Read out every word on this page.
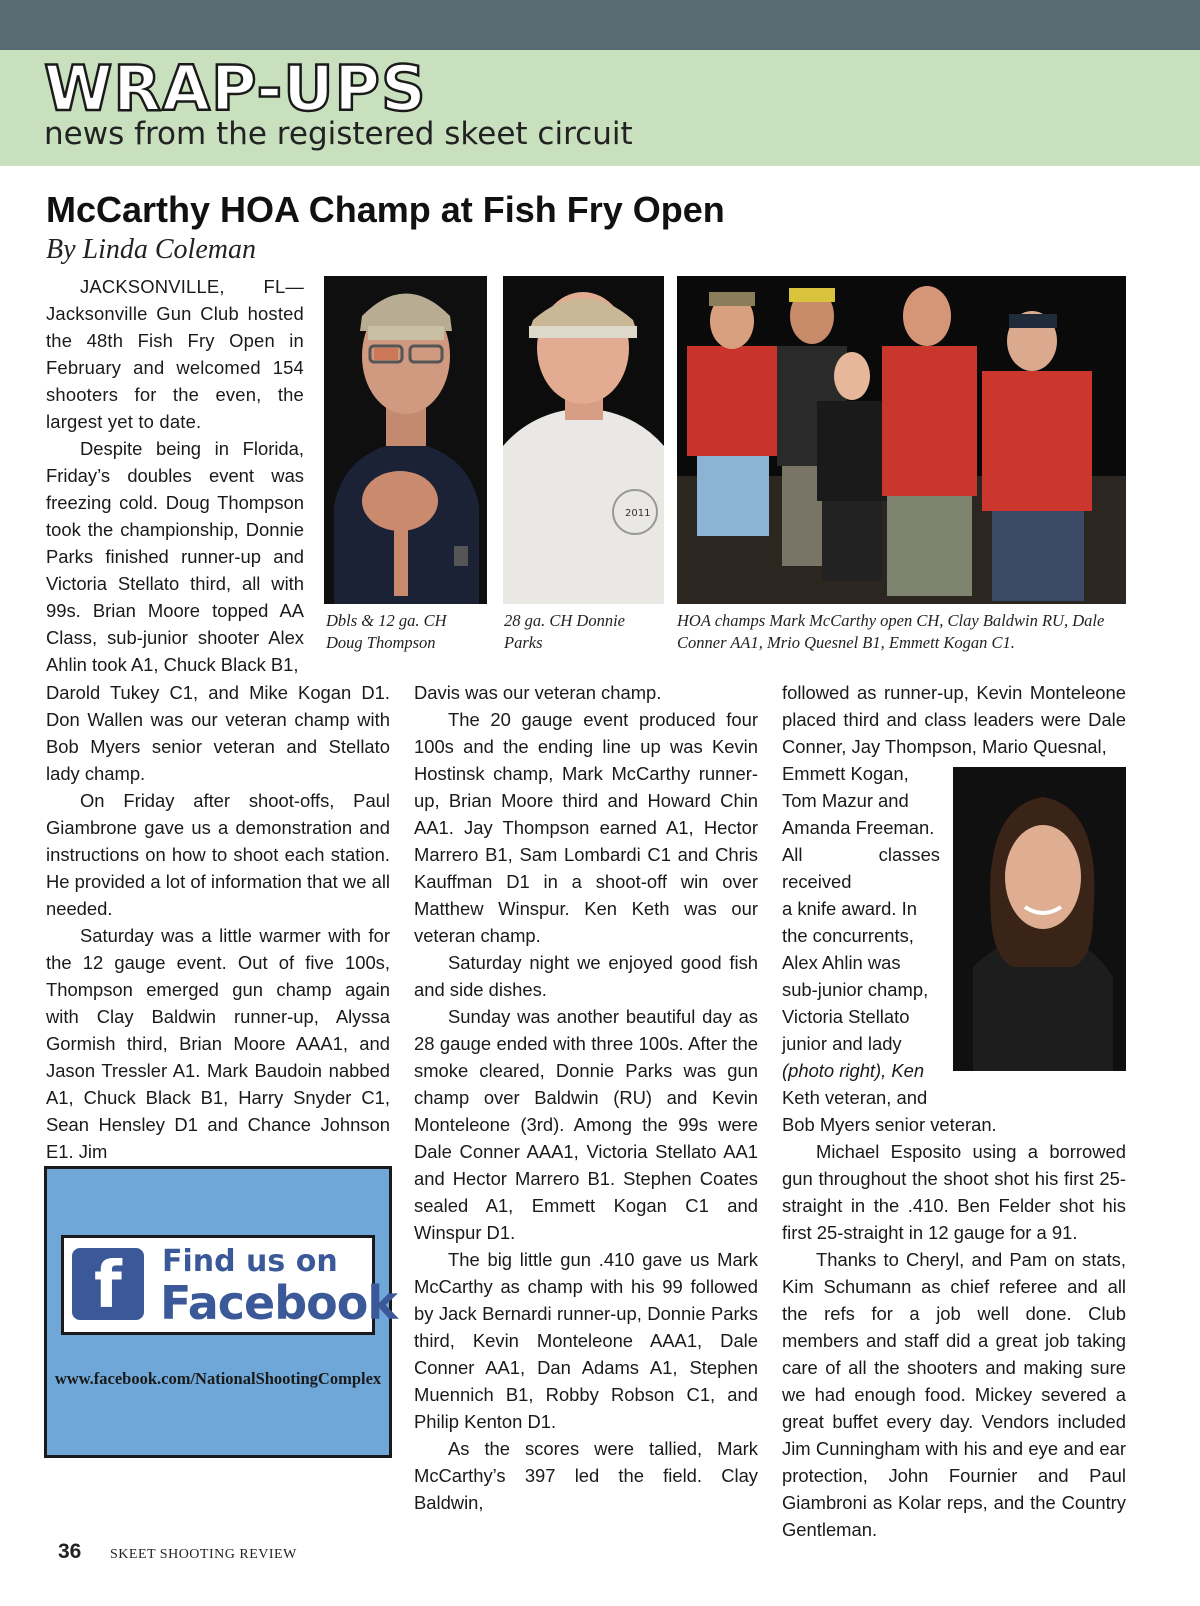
WRAP-UPS
news from the registered skeet circuit
McCarthy HOA Champ at Fish Fry Open
By Linda Coleman

JACKSONVILLE, FL—Jacksonville Gun Club hosted the 48th Fish Fry Open in February and welcomed 154 shooters for the even, the largest yet to date.

Despite being in Florida, Friday’s doubles event was freezing cold. Doug Thompson took the championship, Donnie Parks finished runner-up and Victoria Stellato third, all with 99s. Brian Moore topped AA Class, sub-junior shooter Alex Ahlin took A1, Chuck Black B1,

2011
Dbls & 12 ga. CH Doug Thompson
28 ga. CH Donnie Parks
HOA champs Mark McCarthy open CH, Clay Baldwin RU, Dale Conner AA1, Mrio Quesnel B1, Emmett Kogan C1.

Darold Tukey C1, and Mike Kogan D1. Don Wallen was our veteran champ with Bob Myers senior veteran and Stellato lady champ.

On Friday after shoot-offs, Paul Giambrone gave us a demonstration and instructions on how to shoot each station. He provided a lot of information that we all needed.

Saturday was a little warmer with for the 12 gauge event. Out of five 100s, Thompson emerged gun champ again with Clay Baldwin runner-up, Alyssa Gormish third, Brian Moore AAA1, and Jason Tressler A1. Mark Baudoin nabbed A1, Chuck Black B1, Harry Snyder C1, Sean Hensley D1 and Chance Johnson E1. Jim

Davis was our veteran champ.

The 20 gauge event produced four 100s and the ending line up was Kevin Hostinsk champ, Mark McCarthy runner-up, Brian Moore third and Howard Chin AA1. Jay Thompson earned A1, Hector Marrero B1, Sam Lombardi C1 and Chris Kauffman D1 in a shoot-off win over Matthew Winspur. Ken Keth was our veteran champ.

Saturday night we enjoyed good fish and side dishes.

Sunday was another beautiful day as 28 gauge ended with three 100s. After the smoke cleared, Donnie Parks was gun champ over Baldwin (RU) and Kevin Monteleone (3rd). Among the 99s were Dale Conner AAA1, Victoria Stellato AA1 and Hector Marrero B1. Stephen Coates sealed A1, Emmett Kogan C1 and Winspur D1.

The big little gun .410 gave us Mark McCarthy as champ with his 99 followed by Jack Bernardi runner-up, Donnie Parks third, Kevin Monteleone AAA1, Dale Conner AA1, Dan Adams A1, Stephen Muennich B1, Robby Robson C1, and Philip Kenton D1.

As the scores were tallied, Mark McCarthy’s 397 led the field. Clay Baldwin,

followed as runner-up, Kevin Monteleone placed third and class leaders were Dale Conner, Jay Thompson, Mario Quesnal,

Emmett Kogan,
Tom Mazur and
Amanda Freeman.
All classes received
a knife award. In
the concurrents,
Alex Ahlin was
sub-junior champ,
Victoria Stellato
junior and lady
(photo right), Ken
Keth veteran, and

Bob Myers senior veteran.

Michael Esposito using a borrowed gun throughout the shoot shot his first 25-straight in the .410. Ben Felder shot his first 25-straight in 12 gauge for a 91.

Thanks to Cheryl, and Pam on stats, Kim Schumann as chief referee and all the refs for a job well done. Club members and staff did a great job taking care of all the shooters and making sure we had enough food. Mickey severed a great buffet every day. Vendors included Jim Cunningham with his and eye and ear protection, John Fournier and Paul Giambroni as Kolar reps, and the Country Gentleman.

f Find us on
Facebook
www.facebook.com/NationalShootingComplex
36 SKEET SHOOTING REVIEW
